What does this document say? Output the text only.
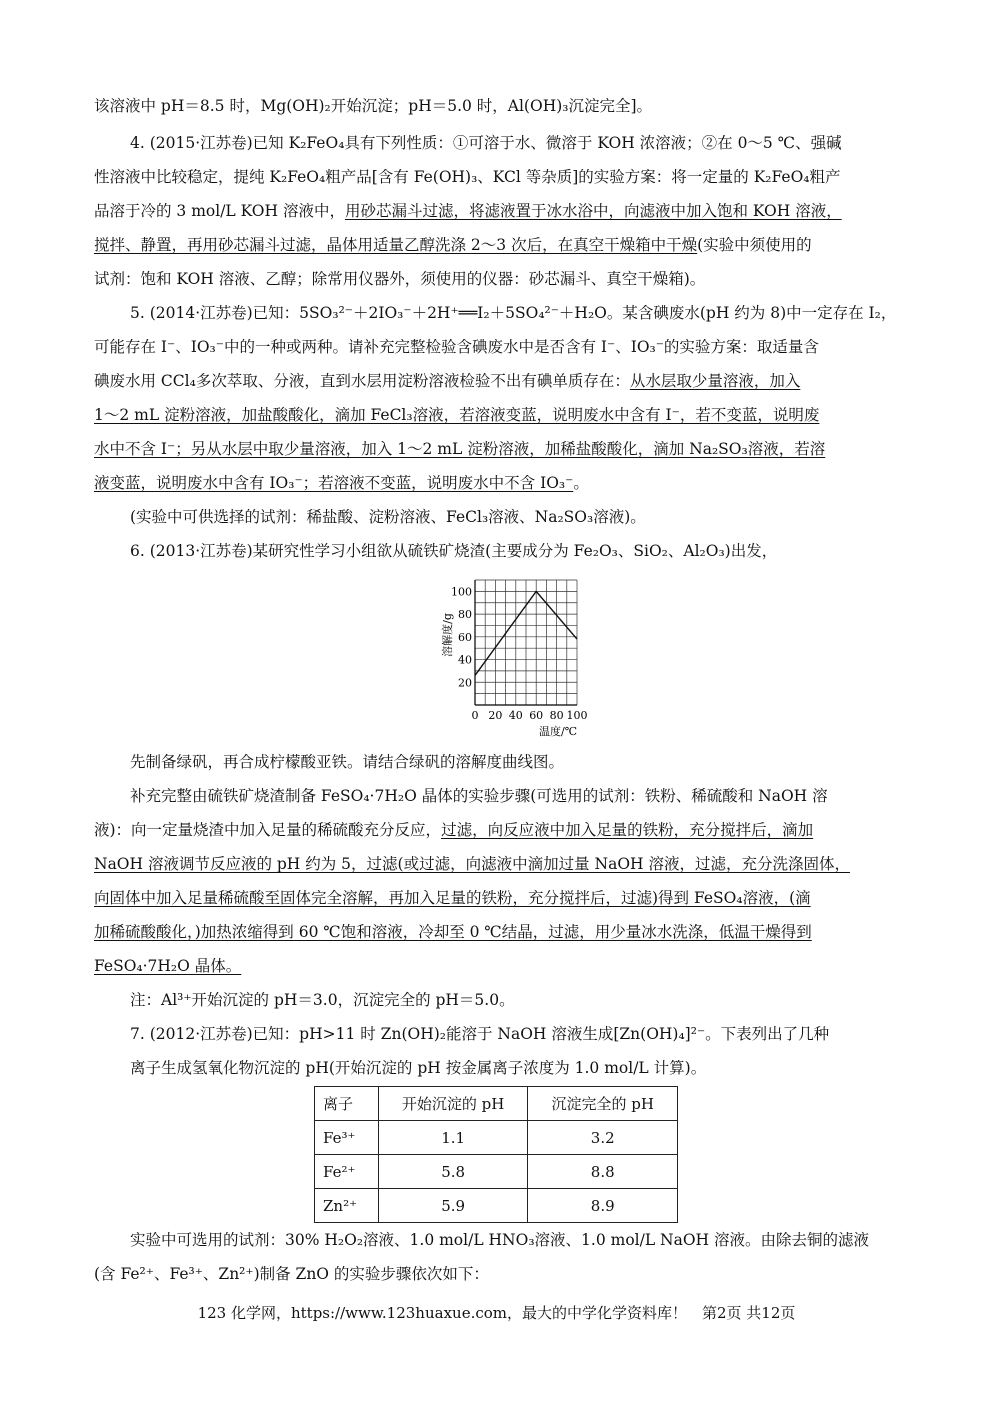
该溶液中 pH＝8.5 时，Mg(OH)₂开始沉淀；pH＝5.0 时，Al(OH)₃沉淀完全]。
4. (2015·江苏卷)已知 K₂FeO₄具有下列性质：①可溶于水、微溶于 KOH 浓溶液；②在 0～5 ℃、强碱
性溶液中比较稳定，提纯 K₂FeO₄粗产品[含有 Fe(OH)₃、KCl 等杂质]的实验方案：将一定量的 K₂FeO₄粗产
品溶于冷的 3 mol/L KOH 溶液中，用砂芯漏斗过滤，将滤液置于冰水浴中，向滤液中加入饱和 KOH 溶液，
搅拌、静置，再用砂芯漏斗过滤，晶体用适量乙醇洗涤 2～3 次后，在真空干燥箱中干燥(实验中须使用的
试剂：饱和 KOH 溶液、乙醇；除常用仪器外，须使用的仪器：砂芯漏斗、真空干燥箱)。
5. (2014·江苏卷)已知：5SO₃²⁻＋2IO₃⁻＋2H⁺══I₂＋5SO₄²⁻＋H₂O。某含碘废水(pH 约为 8)中一定存在 I₂，
可能存在 I⁻、IO₃⁻中的一种或两种。请补充完整检验含碘废水中是否含有 I⁻、IO₃⁻的实验方案：取适量含
碘废水用 CCl₄多次萃取、分液，直到水层用淀粉溶液检验不出有碘单质存在：从水层取少量溶液，加入
1～2 mL 淀粉溶液，加盐酸酸化，滴加 FeCl₃溶液，若溶液变蓝，说明废水中含有 I⁻，若不变蓝，说明废
水中不含 I⁻；另从水层中取少量溶液，加入 1～2 mL 淀粉溶液，加稀盐酸酸化，滴加 Na₂SO₃溶液，若溶
液变蓝，说明废水中含有 IO₃⁻；若溶液不变蓝，说明废水中不含 IO₃⁻。
(实验中可供选择的试剂：稀盐酸、淀粉溶液、FeCl₃溶液、Na₂SO₃溶液)。
6. (2013·江苏卷)某研究性学习小组欲从硫铁矿烧渣(主要成分为 Fe₂O₃、SiO₂、Al₂O₃)出发，
0 20 40 60 80 100
20
40
60
80
100
溶解度/g
温度/℃
先制备绿矾，再合成柠檬酸亚铁。请结合绿矾的溶解度曲线图。
补充完整由硫铁矿烧渣制备 FeSO₄·7H₂O 晶体的实验步骤(可选用的试剂：铁粉、稀硫酸和 NaOH 溶
液)：向一定量烧渣中加入足量的稀硫酸充分反应，过滤，向反应液中加入足量的铁粉，充分搅拌后，滴加
NaOH 溶液调节反应液的 pH 约为 5，过滤(或过滤，向滤液中滴加过量 NaOH 溶液，过滤，充分洗涤固体，
向固体中加入足量稀硫酸至固体完全溶解，再加入足量的铁粉，充分搅拌后，过滤)得到 FeSO₄溶液，(滴
加稀硫酸酸化，)加热浓缩得到 60 ℃饱和溶液，冷却至 0 ℃结晶，过滤，用少量冰水洗涤，低温干燥得到
FeSO₄·7H₂O 晶体。
注：Al³⁺开始沉淀的 pH＝3.0，沉淀完全的 pH＝5.0。
7. (2012·江苏卷)已知：pH>11 时 Zn(OH)₂能溶于 NaOH 溶液生成[Zn(OH)₄]²⁻。下表列出了几种
离子生成氢氧化物沉淀的 pH(开始沉淀的 pH 按金属离子浓度为 1.0 mol/L 计算)。
离子	开始沉淀的 pH	沉淀完全的 pH
Fe³⁺	1.1	3.2
Fe²⁺	5.8	8.8
Zn²⁺	5.9	8.9
实验中可选用的试剂：30% H₂O₂溶液、1.0 mol/L HNO₃溶液、1.0 mol/L NaOH 溶液。由除去铜的滤液
(含 Fe²⁺、Fe³⁺、Zn²⁺)制备 ZnO 的实验步骤依次如下：
123 化学网，https://www.123huaxue.com，最大的中学化学资料库！　第2页 共12页
